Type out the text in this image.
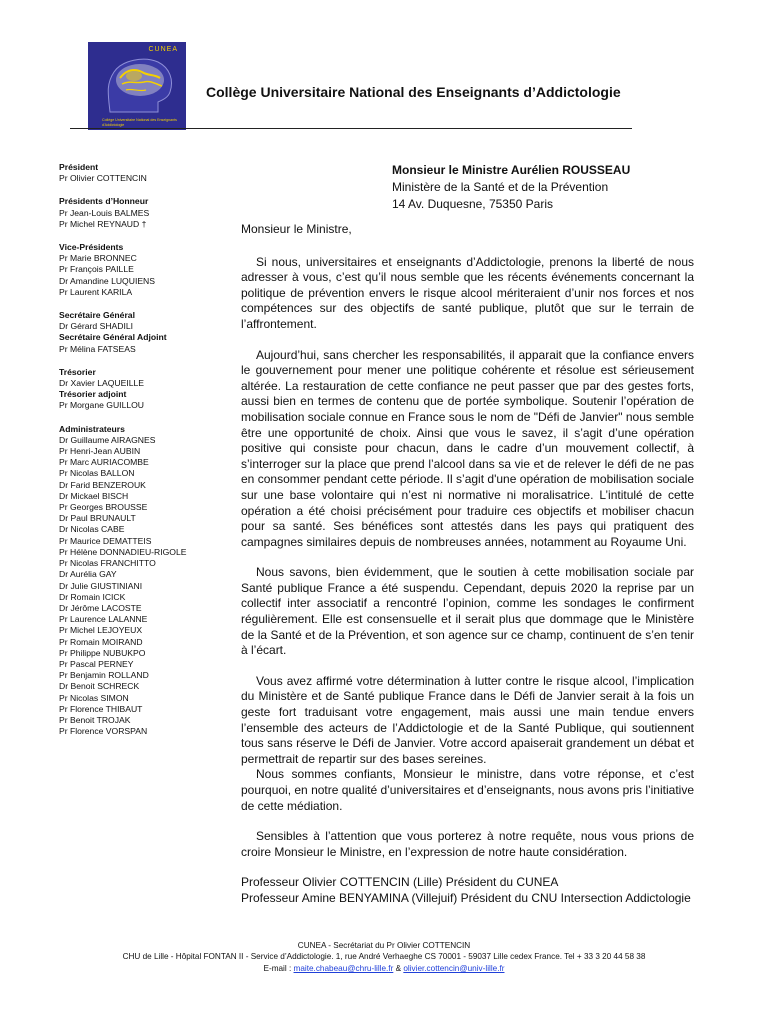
CUNEA
Collège Universitaire National des Enseignants d'Addictologie
Collège Universitaire National des Enseignants d’Addictologie
Président
Pr Olivier COTTENCIN
Présidents d’Honneur
Pr Jean-Louis BALMES
Pr Michel REYNAUD †
Vice-Présidents
Pr Marie BRONNEC
Pr François PAILLE
Dr Amandine LUQUIENS
Pr Laurent KARILA
Secrétaire Général
Dr Gérard SHADILI
Secrétaire Général Adjoint
Pr Mélina FATSEAS
Trésorier
Dr Xavier LAQUEILLE
Trésorier adjoint
Pr Morgane GUILLOU
Administrateurs
Dr Guillaume AIRAGNES
Pr Henri-Jean AUBIN
Pr Marc AURIACOMBE
Pr Nicolas BALLON
Dr Farid BENZEROUK
Dr Mickael BISCH
Pr Georges BROUSSE
Dr Paul BRUNAULT
Dr Nicolas CABE
Pr Maurice DEMATTEIS
Pr Hélène DONNADIEU-RIGOLE
Pr Nicolas FRANCHITTO
Dr Aurélia GAY
Dr Julie GIUSTINIANI
Dr Romain ICICK
Dr Jérôme LACOSTE
Pr Laurence LALANNE
Pr Michel LEJOYEUX
Pr Romain MOIRAND
Pr Philippe NUBUKPO
Pr Pascal PERNEY
Pr Benjamin ROLLAND
Dr Benoit SCHRECK
Pr Nicolas SIMON
Pr Florence THIBAUT
Pr Benoit TROJAK
Pr Florence VORSPAN
Monsieur le Ministre Aurélien ROUSSEAU
Ministère de la Santé et de la Prévention
14 Av. Duquesne, 75350 Paris

Monsieur le Ministre,

Si nous, universitaires et enseignants d’Addictologie, prenons la liberté de nous adresser à vous, c’est qu’il nous semble que les récents événements concernant la politique de prévention envers le risque alcool mériteraient d’unir nos forces et nos compétences sur des objectifs de santé publique, plutôt que sur le terrain de l’affrontement.

Aujourd’hui, sans chercher les responsabilités, il apparait que la confiance envers le gouvernement pour mener une politique cohérente et résolue est sérieusement altérée. La restauration de cette confiance ne peut passer que par des gestes forts, aussi bien en termes de contenu que de portée symbolique. Soutenir l’opération de mobilisation sociale connue en France sous le nom de "Défi de Janvier" nous semble être une opportunité de choix. Ainsi que vous le savez, il s’agit d’une opération positive qui consiste pour chacun, dans le cadre d’un mouvement collectif, à s’interroger sur la place que prend l’alcool dans sa vie et de relever le défi de ne pas en consommer pendant cette période. Il s’agit d'une opération de mobilisation sociale sur une base volontaire qui n’est ni normative ni moralisatrice. L’intitulé de cette opération a été choisi précisément pour traduire ces objectifs et mobiliser chacun pour sa santé. Ses bénéfices sont attestés dans les pays qui pratiquent des campagnes similaires depuis de nombreuses années, notamment au Royaume Uni.

Nous savons, bien évidemment, que le soutien à cette mobilisation sociale par Santé publique France a été suspendu. Cependant, depuis 2020 la reprise par un collectif inter associatif a rencontré l’opinion, comme les sondages le confirment régulièrement. Elle est consensuelle et il serait plus que dommage que le Ministère de la Santé et de la Prévention, et son agence sur ce champ, continuent de s’en tenir à l’écart.

Vous avez affirmé votre détermination à lutter contre le risque alcool, l’implication du Ministère et de Santé publique France dans le Défi de Janvier serait à la fois un geste fort traduisant votre engagement, mais aussi une main tendue envers l’ensemble des acteurs de l’Addictologie et de la Santé Publique, qui soutiennent tous sans réserve le Défi de Janvier. Votre accord apaiserait grandement un débat et permettrait de repartir sur des bases sereines.

Nous sommes confiants, Monsieur le ministre, dans votre réponse, et c’est pourquoi, en notre qualité d’universitaires et d’enseignants, nous avons pris l’initiative de cette médiation.

Sensibles à l’attention que vous porterez à notre requête, nous vous prions de croire Monsieur le Ministre, en l’expression de notre haute considération.

Professeur Olivier COTTENCIN (Lille) Président du CUNEA

Professeur Amine BENYAMINA (Villejuif) Président du CNU Intersection Addictologie

CUNEA - Secrétariat du Pr Olivier COTTENCIN
CHU de Lille - Hôpital FONTAN II - Service d’Addictologie. 1, rue André Verhaeghe CS 70001 - 59037 Lille cedex France. Tel + 33 3 20 44 58 38
E-mail : maite.chabeau@chru-lille.fr & olivier.cottencin@univ-lille.fr
